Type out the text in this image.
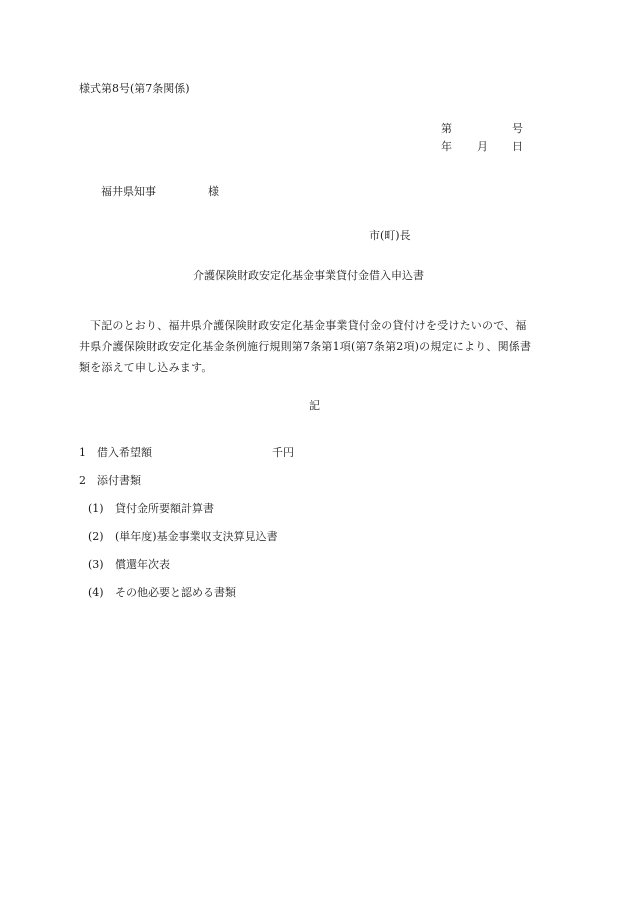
様式第8号(第7条関係)
第	号
年 月 日
福井県知事	様
市(町)長
介護保険財政安定化基金事業貸付金借入申込書
下記のとおり、福井県介護保険財政安定化基金事業貸付金の貸付けを受けたいので、福
井県介護保険財政安定化基金条例施行規則第7条第1項(第7条第2項)の規定により、関係書
類を添えて申し込みます。
記
1 借入希望額	千円
2 添付書類
(1) 貸付金所要額計算書
(2) (単年度)基金事業収支決算見込書
(3) 償還年次表
(4) その他必要と認める書類
